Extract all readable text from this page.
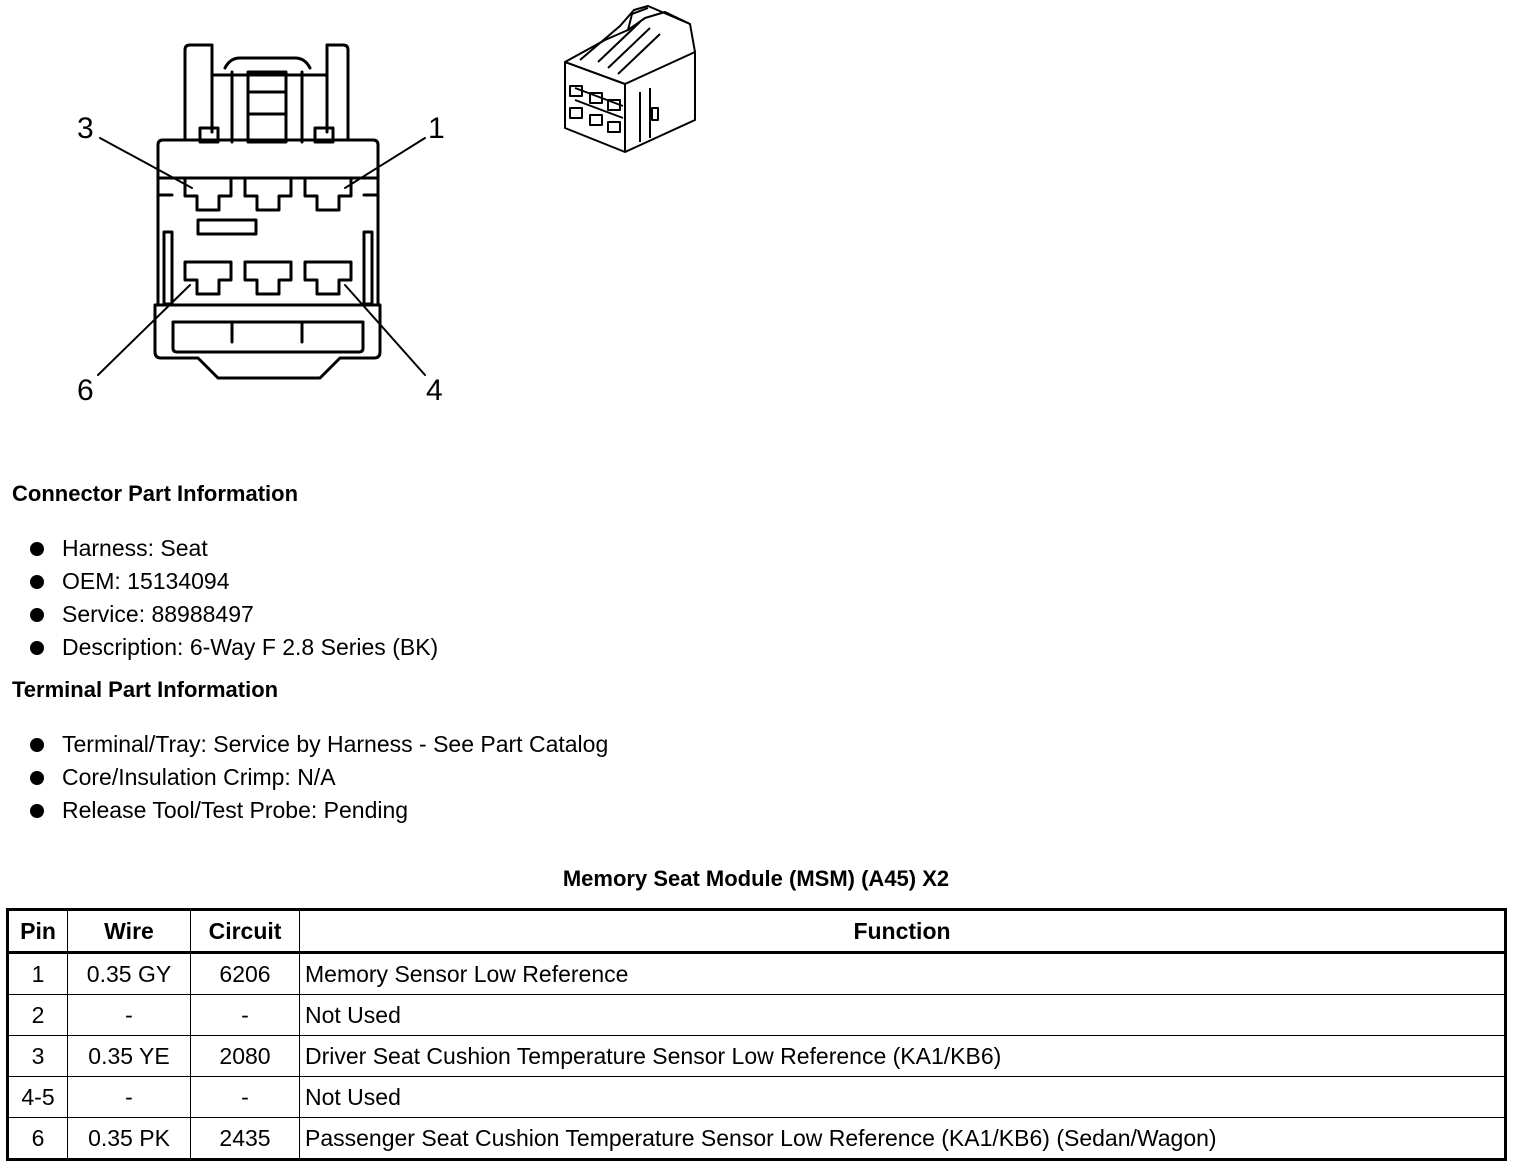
3	1
6	4
Connector Part Information
Harness: Seat
OEM: 15134094
Service: 88988497
Description: 6-Way F 2.8 Series (BK)
Terminal Part Information
Terminal/Tray: Service by Harness - See Part Catalog
Core/Insulation Crimp: N/A
Release Tool/Test Probe: Pending
Memory Seat Module (MSM) (A45) X2
Pin	Wire	Circuit	Function
1	0.35 GY	6206	Memory Sensor Low Reference
2	-	-	Not Used
3	0.35 YE	2080	Driver Seat Cushion Temperature Sensor Low Reference (KA1/KB6)
4-5	-	-	Not Used
6	0.35 PK	2435	Passenger Seat Cushion Temperature Sensor Low Reference (KA1/KB6) (Sedan/Wagon)
